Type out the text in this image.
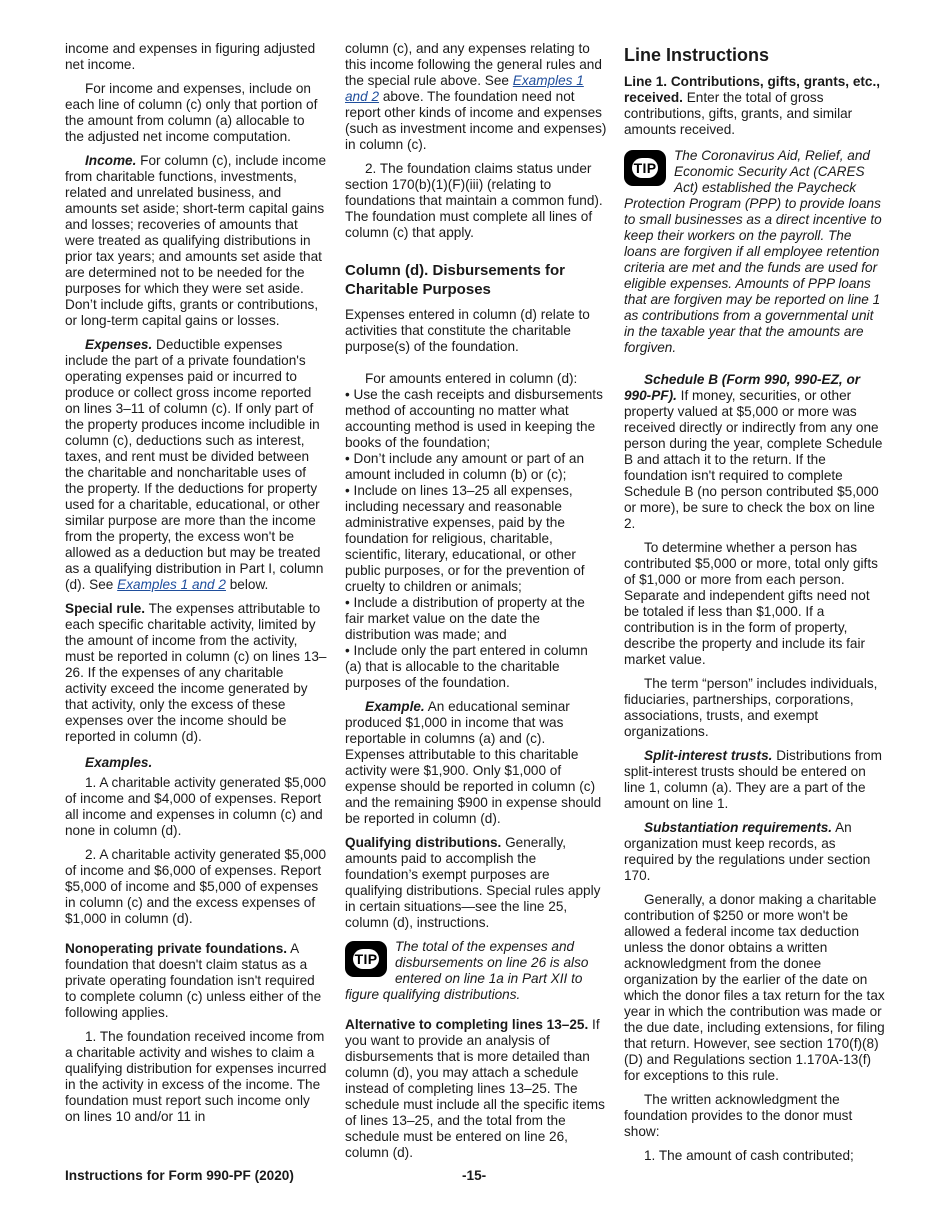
income and expenses in figuring adjusted net income.

For income and expenses, include on each line of column (c) only that portion of the amount from column (a) allocable to the adjusted net income computation.

Income. For column (c), include income from charitable functions, investments, related and unrelated business, and amounts set aside; short-term capital gains and losses; recoveries of amounts that were treated as qualifying distributions in prior tax years; and amounts set aside that are determined not to be needed for the purposes for which they were set aside. Don’t include gifts, grants or contributions, or long-term capital gains or losses.

Expenses. Deductible expenses include the part of a private foundation's operating expenses paid or incurred to produce or collect gross income reported on lines 3–11 of column (c). If only part of the property produces income includible in column (c), deductions such as interest, taxes, and rent must be divided between the charitable and noncharitable uses of the property. If the deductions for property used for a charitable, educational, or other similar purpose are more than the income from the property, the excess won't be allowed as a deduction but may be treated as a qualifying distribution in Part I, column (d). See Examples 1 and 2 below.

Special rule. The expenses attributable to each specific charitable activity, limited by the amount of income from the activity, must be reported in column (c) on lines 13–26. If the expenses of any charitable activity exceed the income generated by that activity, only the excess of these expenses over the income should be reported in column (d).

Examples.

1. A charitable activity generated $5,000 of income and $4,000 of expenses. Report all income and expenses in column (c) and none in column (d).

2. A charitable activity generated $5,000 of income and $6,000 of expenses. Report $5,000 of income and $5,000 of expenses in column (c) and the excess expenses of $1,000 in column (d).

Nonoperating private foundations. A foundation that doesn't claim status as a private operating foundation isn't required to complete column (c) unless either of the following applies.

1. The foundation received income from a charitable activity and wishes to claim a qualifying distribution for expenses incurred in the activity in excess of the income. The foundation must report such income only on lines 10 and/or 11 in

column (c), and any expenses relating to this income following the general rules and the special rule above. See Examples 1 and 2 above. The foundation need not report other kinds of income and expenses (such as investment income and expenses) in column (c).

2. The foundation claims status under section 170(b)(1)(F)(iii) (relating to foundations that maintain a common fund). The foundation must complete all lines of column (c) that apply.

Column (d). Disbursements for Charitable Purposes

Expenses entered in column (d) relate to activities that constitute the charitable purpose(s) of the foundation.

For amounts entered in column (d):

• Use the cash receipts and disbursements method of accounting no matter what accounting method is used in keeping the books of the foundation;

• Don’t include any amount or part of an amount included in column (b) or (c);

• Include on lines 13–25 all expenses, including necessary and reasonable administrative expenses, paid by the foundation for religious, charitable, scientific, literary, educational, or other public purposes, or for the prevention of cruelty to children or animals;

• Include a distribution of property at the fair market value on the date the distribution was made; and

• Include only the part entered in column (a) that is allocable to the charitable purposes of the foundation.

Example. An educational seminar produced $1,000 in income that was reportable in columns (a) and (c). Expenses attributable to this charitable activity were $1,900. Only $1,000 of expense should be reported in column (c) and the remaining $900 in expense should be reported in column (d).

Qualifying distributions. Generally, amounts paid to accomplish the foundation’s exempt purposes are qualifying distributions. Special rules apply in certain situations—see the line 25, column (d), instructions.

TIP
The total of the expenses and disbursements on line 26 is also entered on line 1a in Part XII to figure qualifying distributions.

Alternative to completing lines 13–25. If you want to provide an analysis of disbursements that is more detailed than column (d), you may attach a schedule instead of completing lines 13–25. The schedule must include all the specific items of lines 13–25, and the total from the schedule must be entered on line 26, column (d).

Line Instructions

Line 1. Contributions, gifts, grants, etc., received. Enter the total of gross contributions, gifts, grants, and similar amounts received.

TIP
The Coronavirus Aid, Relief, and Economic Security Act (CARES Act) established the Paycheck Protection Program (PPP) to provide loans to small businesses as a direct incentive to keep their workers on the payroll. The loans are forgiven if all employee retention criteria are met and the funds are used for eligible expenses. Amounts of PPP loans that are forgiven may be reported on line 1 as contributions from a governmental unit in the taxable year that the amounts are forgiven.

Schedule B (Form 990, 990-EZ, or 990-PF). If money, securities, or other property valued at $5,000 or more was received directly or indirectly from any one person during the year, complete Schedule B and attach it to the return. If the foundation isn't required to complete Schedule B (no person contributed $5,000 or more), be sure to check the box on line 2.

To determine whether a person has contributed $5,000 or more, total only gifts of $1,000 or more from each person. Separate and independent gifts need not be totaled if less than $1,000. If a contribution is in the form of property, describe the property and include its fair market value.

The term “person” includes individuals, fiduciaries, partnerships, corporations, associations, trusts, and exempt organizations.

Split-interest trusts. Distributions from split-interest trusts should be entered on line 1, column (a). They are a part of the amount on line 1.

Substantiation requirements. An organization must keep records, as required by the regulations under section 170.

Generally, a donor making a charitable contribution of $250 or more won't be allowed a federal income tax deduction unless the donor obtains a written acknowledgment from the donee organization by the earlier of the date on which the donor files a tax return for the tax year in which the contribution was made or the due date, including extensions, for filing that return. However, see section 170(f)(8)(D) and Regulations section 1.170A-13(f) for exceptions to this rule.

The written acknowledgment the foundation provides to the donor must show:

1. The amount of cash contributed;

Instructions for Form 990-PF (2020)	-15-
